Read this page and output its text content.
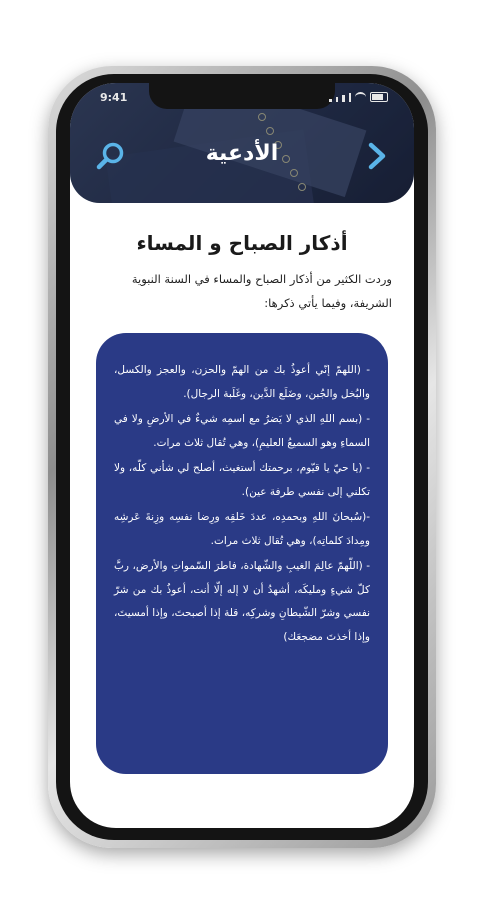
9:41
الأدعية
أذكار الصباح و المساء

وردت الكثير من أذكار الصباح والمساء في السنة النبوية الشريفة، وفيما يأتي ذكرها:

- (اللهمّ إنّي أعوذُ بك من الهمّ والحزن، والعجز والكسل، والبُخل والجُبن، وضَلَع الدَّين، وغَلَبة الرجال).

- (بسم اللهِ الذي لا يَضرُ مع اسمِه شيءٌ في الأرضِ ولا في السماءِ وهو السميعُ العليمِ)، وهي تُقال ثلاث مرات.

- (يا حيّ يا قيّوم، برحمتك أستغيث، أصلح لي شأني كلّه، ولا تكلني إلى نفسي طرفة عين).

-(سُبحانَ اللهِ وبحمدِه، عددَ خَلقِه ورِضا نفسِه وزِنةَ عَرشِه ومِدادَ كلماتِه)، وهي تُقال ثلاث مرات.

- (اللّهمّ عالِمَ الغيبِ والشّهادة، فاطرَ السّمواتِ والأرض، ربَّ كلّ شيءٍ ومليكَه، أشهدُ أن لا إله إلّا أنت، أعوذُ بك من شرّ نفسي وشرّ الشّيطانِ وشركِه، قلة إذا أصبحتَ، وإذا أمسيتَ، وإذا أخذتَ مضجعَك)
